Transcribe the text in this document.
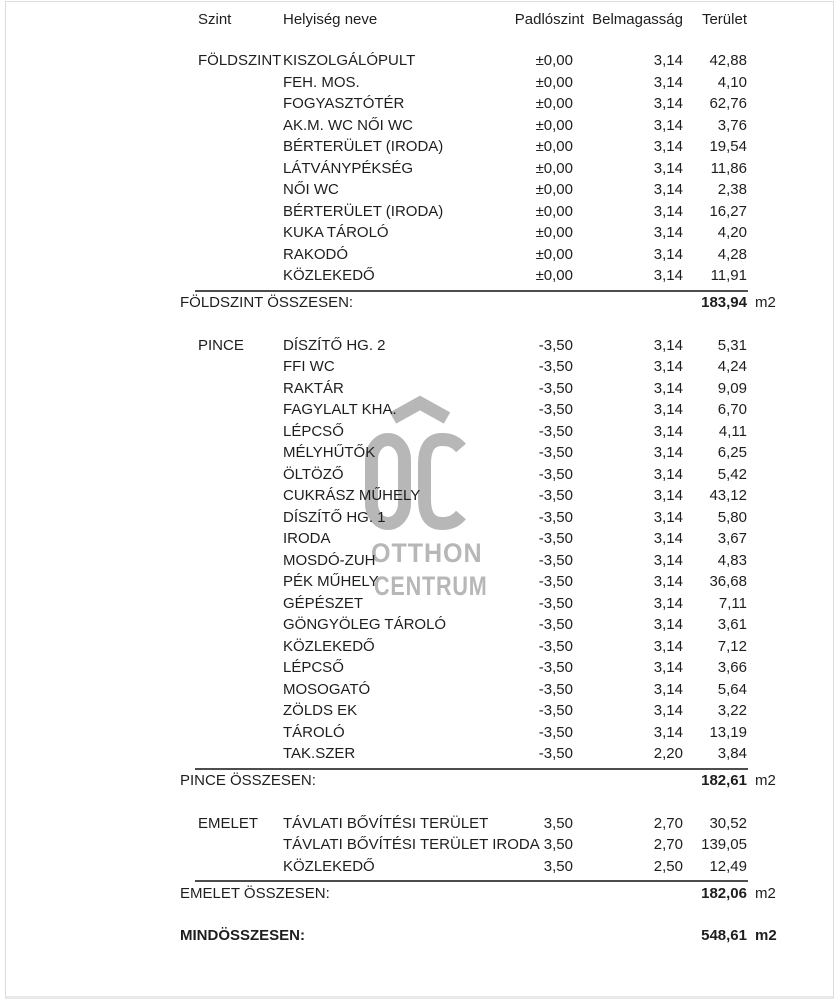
OTTHON
CENTRUM
Szint	Helyiség neve	Padlószint Belmagasság	Terület
FÖLDSZINT KISZOLGÁLÓPULT	±0,00	3,14	42,88
FEH. MOS.	±0,00	3,14	4,10
FOGYASZTÓTÉR	±0,00	3,14	62,76
AK.M. WC NŐI WC	±0,00	3,14	3,76
BÉRTERÜLET (IRODA)	±0,00	3,14	19,54
LÁTVÁNYPÉKSÉG	±0,00	3,14	11,86
NŐI WC	±0,00	3,14	2,38
BÉRTERÜLET (IRODA)	±0,00	3,14	16,27
KUKA TÁROLÓ	±0,00	3,14	4,20
RAKODÓ	±0,00	3,14	4,28
KÖZLEKEDŐ	±0,00	3,14	11,91
FÖLDSZINT ÖSSZESEN:	183,94 m2
PINCE	DÍSZÍTŐ HG. 2	-3,50	3,14	5,31
FFI WC	-3,50	3,14	4,24
RAKTÁR	-3,50	3,14	9,09
FAGYLALT KHA.	-3,50	3,14	6,70
LÉPCSŐ	-3,50	3,14	4,11
MÉLYHŰTŐK	-3,50	3,14	6,25
ÖLTÖZŐ	-3,50	3,14	5,42
CUKRÁSZ MŰHELY	-3,50	3,14	43,12
DÍSZÍTŐ HG. 1	-3,50	3,14	5,80
IRODA	-3,50	3,14	3,67
MOSDÓ-ZUH	-3,50	3,14	4,83
PÉK MŰHELY	-3,50	3,14	36,68
GÉPÉSZET	-3,50	3,14	7,11
GÖNGYÖLEG TÁROLÓ	-3,50	3,14	3,61
KÖZLEKEDŐ	-3,50	3,14	7,12
LÉPCSŐ	-3,50	3,14	3,66
MOSOGATÓ	-3,50	3,14	5,64
ZÖLDS EK	-3,50	3,14	3,22
TÁROLÓ	-3,50	3,14	13,19
TAK.SZER	-3,50	2,20	3,84
PINCE ÖSSZESEN:	182,61 m2
EMELET	TÁVLATI BŐVÍTÉSI TERÜLET	3,50	2,70	30,52
TÁVLATI BŐVÍTÉSI TERÜLET IRODA 3,50	2,70	139,05
KÖZLEKEDŐ	3,50	2,50	12,49
EMELET ÖSSZESEN:	182,06 m2
MINDÖSSZESEN:	548,61 m2
